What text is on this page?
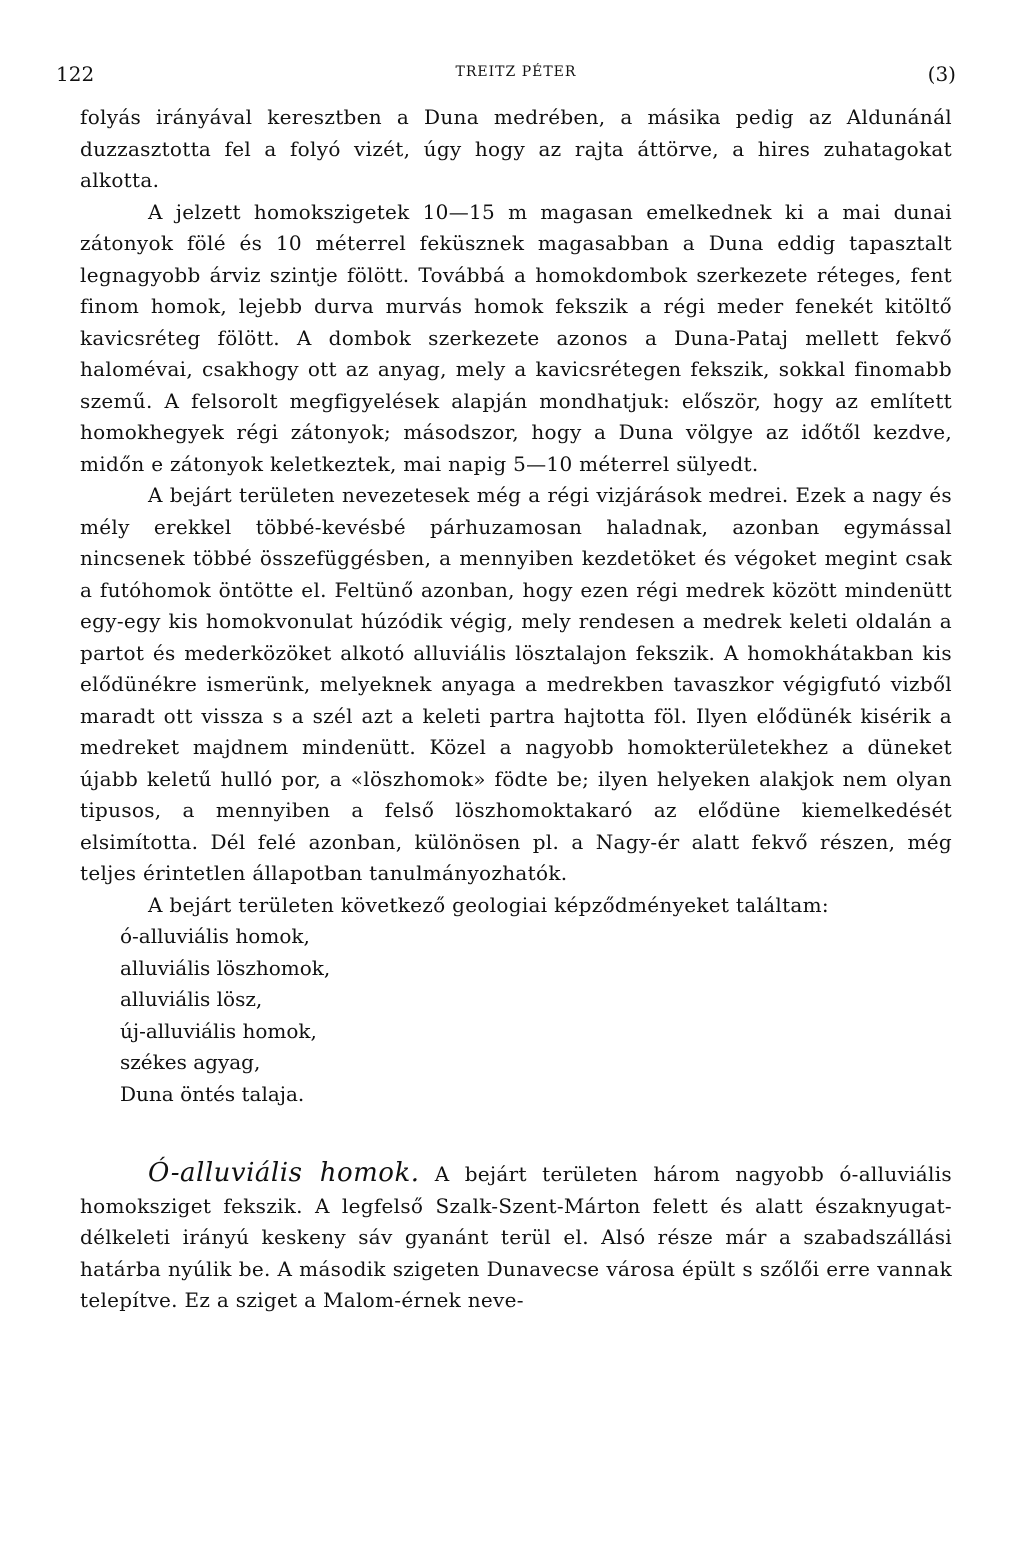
122	TREITZ PÉTER	(3)

folyás irányával keresztben a Duna medrében, a másika pedig az Aldunánál duzzasztotta fel a folyó vizét, úgy hogy az rajta áttörve, a hires zuhatagokat alkotta.

A jelzett homokszigetek 10—15 m magasan emelkednek ki a mai dunai zátonyok fölé és 10 méterrel feküsznek magasabban a Duna eddig tapasztalt legnagyobb árviz szintje fölött. Továbbá a homokdombok szerkezete réteges, fent finom homok, lejebb durva murvás homok fekszik a régi meder fenekét kitöltő kavicsréteg fölött. A dombok szerkezete azonos a Duna-Pataj mellett fekvő halomévai, csakhogy ott az anyag, mely a kavicsrétegen fekszik, sokkal finomabb szemű. A felsorolt megfigyelések alapján mondhatjuk: először, hogy az említett homokhegyek régi zátonyok; másodszor, hogy a Duna völgye az időtől kezdve, midőn e zátonyok keletkeztek, mai napig 5—10 méterrel sülyedt.

A bejárt területen nevezetesek még a régi vizjárások medrei. Ezek a nagy és mély erekkel többé-kevésbé párhuzamosan haladnak, azonban egymással nincsenek többé összefüggésben, a mennyiben kezdetöket és végoket megint csak a futóhomok öntötte el. Feltünő azonban, hogy ezen régi medrek között mindenütt egy-egy kis homokvonulat húzódik végig, mely rendesen a medrek keleti oldalán a partot és mederközöket alkotó alluviális lösztalajon fekszik. A homokhátakban kis elődünékre ismerünk, melyeknek anyaga a medrekben tavaszkor végigfutó vizből maradt ott vissza s a szél azt a keleti partra hajtotta föl. Ilyen elődünék kisérik a medreket majdnem mindenütt. Közel a nagyobb homokterületekhez a düneket újabb keletű hulló por, a «löszhomok» födte be; ilyen helyeken alakjok nem olyan tipusos, a mennyiben a felső löszhomoktakaró az elődüne kiemelkedését elsimította. Dél felé azonban, különösen pl. a Nagy-ér alatt fekvő részen, még teljes érintetlen állapotban tanulmányozhatók.

A bejárt területen következő geologiai képződményeket találtam:

ó-alluviális homok,
alluviális löszhomok,
alluviális lösz,
új-alluviális homok,
székes agyag,
Duna öntés talaja.

Ó-alluviális homok. A bejárt területen három nagyobb ó-alluviális homoksziget fekszik. A legfelső Szalk-Szent-Márton felett és alatt északnyugat-délkeleti irányú keskeny sáv gyanánt terül el. Alsó része már a szabadszállási határba nyúlik be. A második szigeten Dunavecse városa épült s szőlői erre vannak telepítve. Ez a sziget a Malom-érnek neve-
